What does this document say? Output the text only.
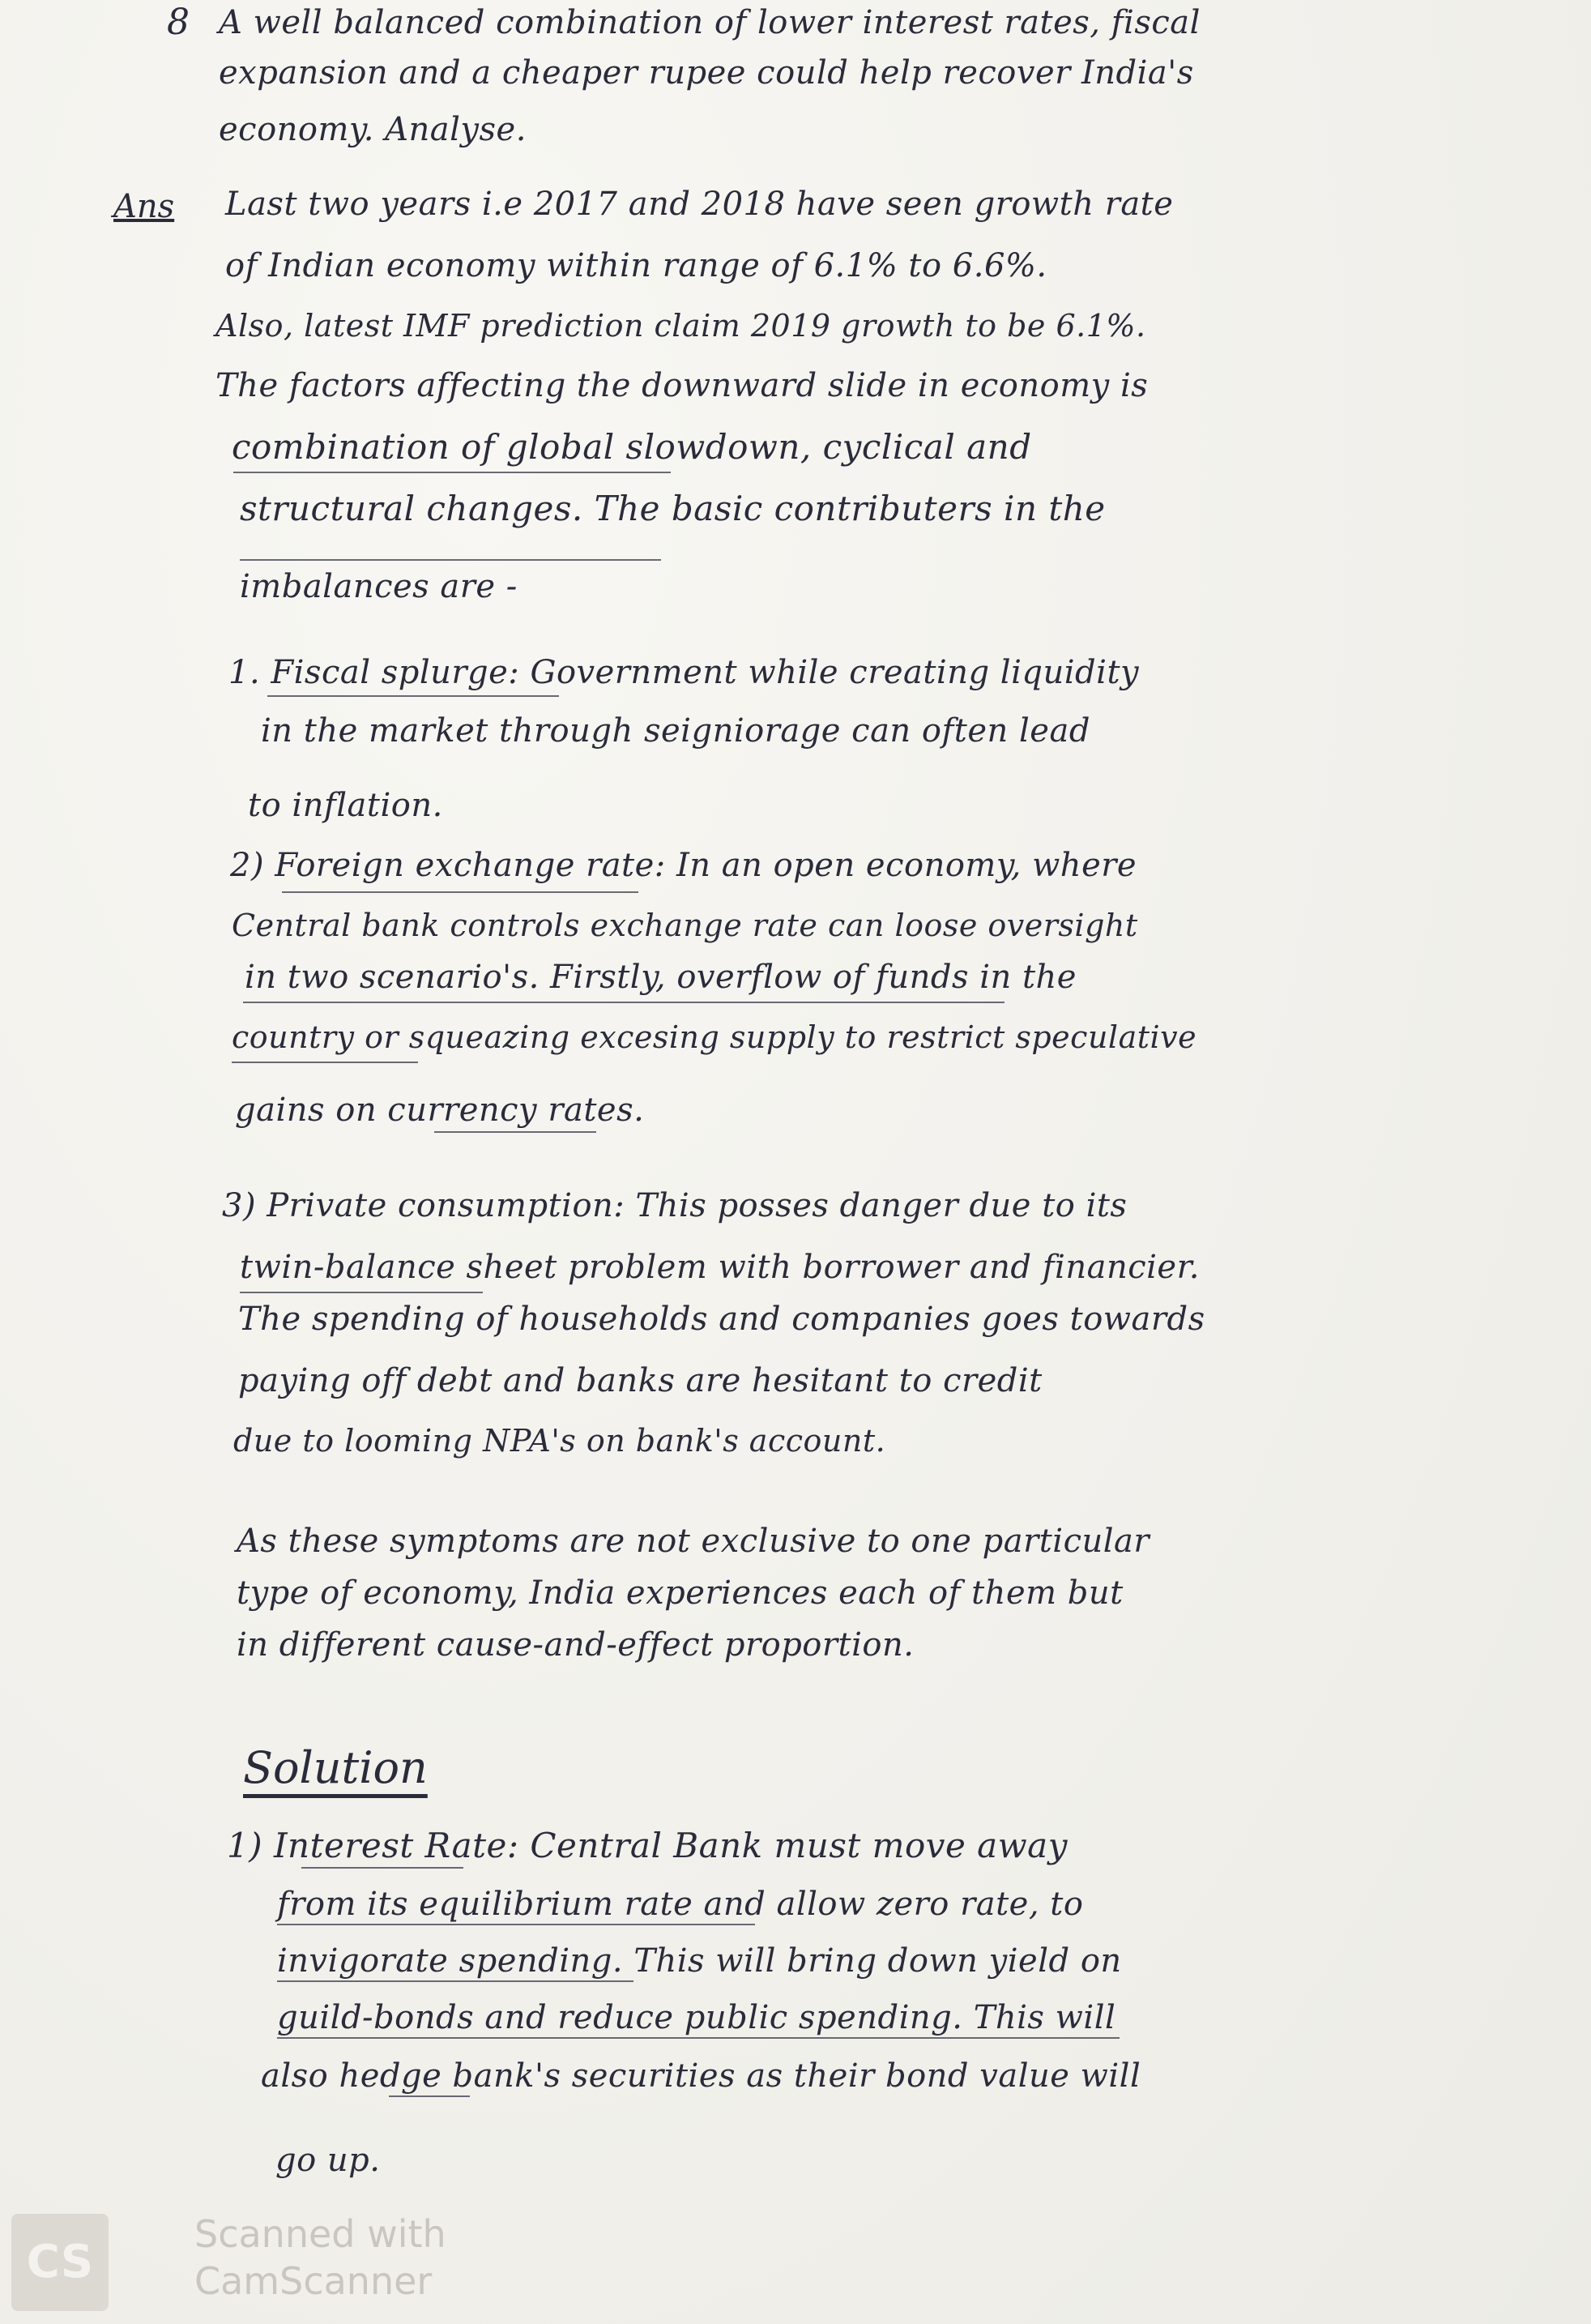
8 A well balanced combination of lower interest rates, fiscal
expansion and a cheaper rupee could help recover India's
economy. Analyse.
Ans Last two years i.e 2017 and 2018 have seen growth rate
of Indian economy within range of 6.1% to 6.6%.
Also, latest IMF prediction claim 2019 growth to be 6.1%.
The factors affecting the downward slide in economy is
combination of global slowdown, cyclical and
structural changes. The basic contributers in the
imbalances are -
1. Fiscal splurge: Government while creating liquidity
in the market through seigniorage can often lead
to inflation.
2) Foreign exchange rate: In an open economy, where
Central bank controls exchange rate can loose oversight
in two scenario's. Firstly, overflow of funds in the
country or squeazing excesing supply to restrict speculative
gains on currency rates.
3) Private consumption: This posses danger due to its
twin-balance sheet problem with borrower and financier.
The spending of households and companies goes towards
paying off debt and banks are hesitant to credit
due to looming NPA's on bank's account.
As these symptoms are not exclusive to one particular
type of economy, India experiences each of them but
in different cause-and-effect proportion.
Solution
1) Interest Rate: Central Bank must move away
from its equilibrium rate and allow zero rate, to
invigorate spending. This will bring down yield on
guild-bonds and reduce public spending. This will
also hedge bank's securities as their bond value will
go up.
CS
Scanned with
CamScanner
